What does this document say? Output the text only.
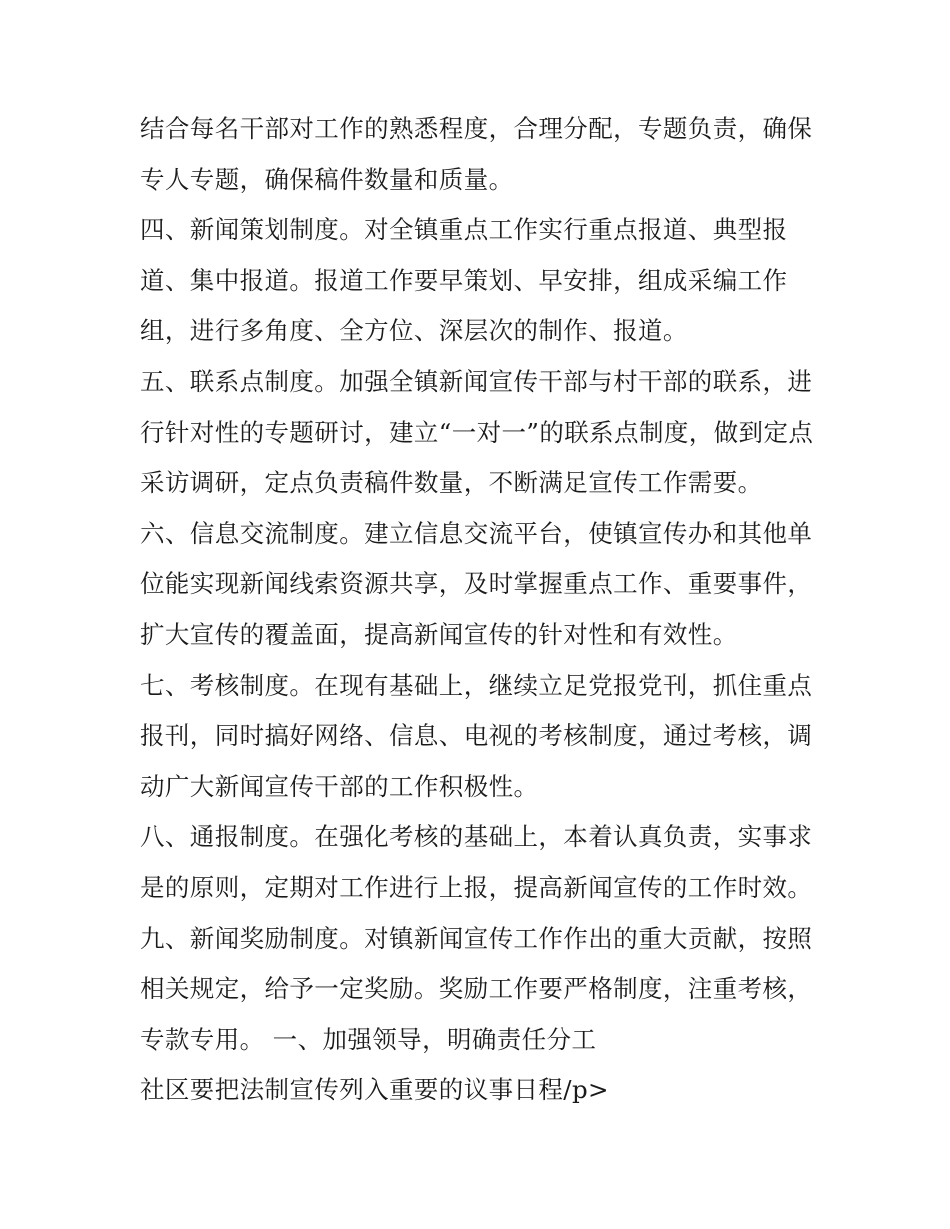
结合每名干部对工作的熟悉程度，合理分配，专题负责，确保
专人专题，确保稿件数量和质量。
四、新闻策划制度。对全镇重点工作实行重点报道、典型报
道、集中报道。报道工作要早策划、早安排，组成采编工作
组，进行多角度、全方位、深层次的制作、报道。
五、联系点制度。加强全镇新闻宣传干部与村干部的联系，进
行针对性的专题研讨，建立“一对一”的联系点制度，做到定点
采访调研，定点负责稿件数量，不断满足宣传工作需要。
六、信息交流制度。建立信息交流平台，使镇宣传办和其他单
位能实现新闻线索资源共享，及时掌握重点工作、重要事件，
扩大宣传的覆盖面，提高新闻宣传的针对性和有效性。
七、考核制度。在现有基础上，继续立足党报党刊，抓住重点
报刊，同时搞好网络、信息、电视的考核制度，通过考核，调
动广大新闻宣传干部的工作积极性。
八、通报制度。在强化考核的基础上，本着认真负责，实事求
是的原则，定期对工作进行上报，提高新闻宣传的工作时效。
九、新闻奖励制度。对镇新闻宣传工作作出的重大贡献，按照
相关规定，给予一定奖励。奖励工作要严格制度，注重考核，
专款专用。 一、加强领导，明确责任分工
社区要把法制宣传列入重要的议事日程/p>
